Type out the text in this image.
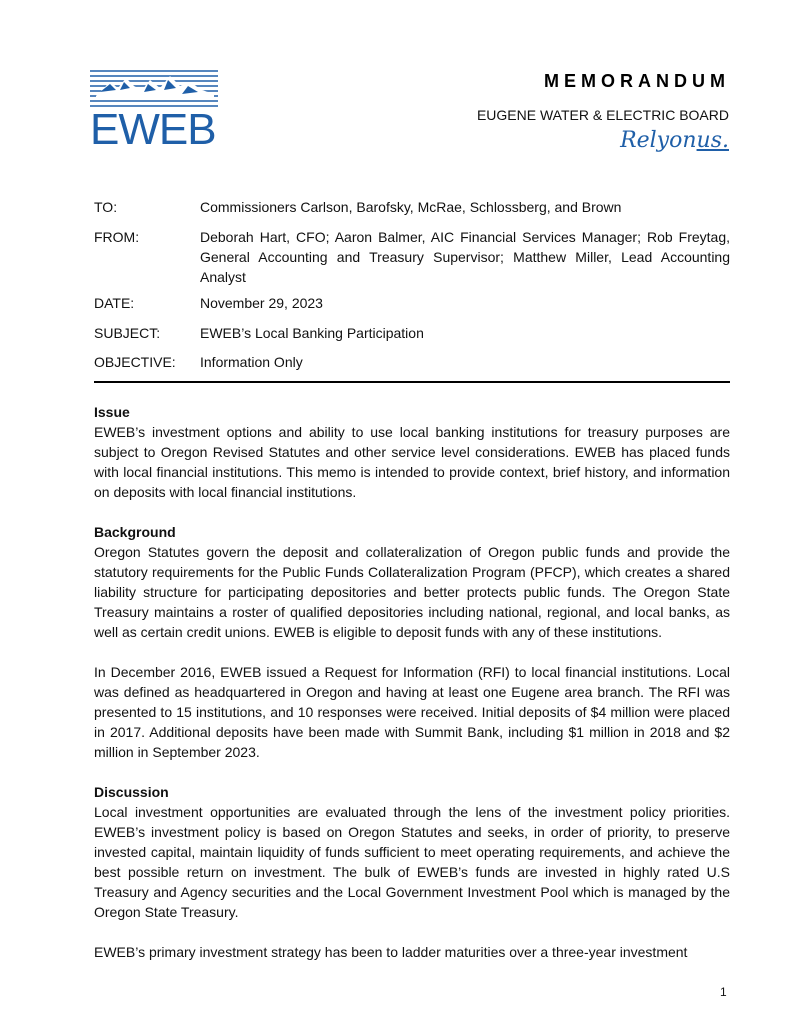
EWEB
MEMORANDUM
EUGENE WATER & ELECTRIC BOARD
Relyonus.
TO:	Commissioners Carlson, Barofsky, McRae, Schlossberg, and Brown
FROM:	Deborah Hart, CFO; Aaron Balmer, AIC Financial Services Manager; Rob Freytag, General Accounting and Treasury Supervisor; Matthew Miller, Lead Accounting Analyst
DATE:	November 29, 2023
SUBJECT:	EWEB’s Local Banking Participation
OBJECTIVE: Information Only
Issue

EWEB’s investment options and ability to use local banking institutions for treasury purposes are subject to Oregon Revised Statutes and other service level considerations. EWEB has placed funds with local financial institutions. This memo is intended to provide context, brief history, and information on deposits with local financial institutions.

Background

Oregon Statutes govern the deposit and collateralization of Oregon public funds and provide the statutory requirements for the Public Funds Collateralization Program (PFCP), which creates a shared liability structure for participating depositories and better protects public funds. The Oregon State Treasury maintains a roster of qualified depositories including national, regional, and local banks, as well as certain credit unions. EWEB is eligible to deposit funds with any of these institutions.

In December 2016, EWEB issued a Request for Information (RFI) to local financial institutions. Local was defined as headquartered in Oregon and having at least one Eugene area branch. The RFI was presented to 15 institutions, and 10 responses were received. Initial deposits of $4 million were placed in 2017. Additional deposits have been made with Summit Bank, including $1 million in 2018 and $2 million in September 2023.

Discussion

Local investment opportunities are evaluated through the lens of the investment policy priorities. EWEB’s investment policy is based on Oregon Statutes and seeks, in order of priority, to preserve invested capital, maintain liquidity of funds sufficient to meet operating requirements, and achieve the best possible return on investment. The bulk of EWEB’s funds are invested in highly rated U.S Treasury and Agency securities and the Local Government Investment Pool which is managed by the Oregon State Treasury.

EWEB’s primary investment strategy has been to ladder maturities over a three-year investment

1
